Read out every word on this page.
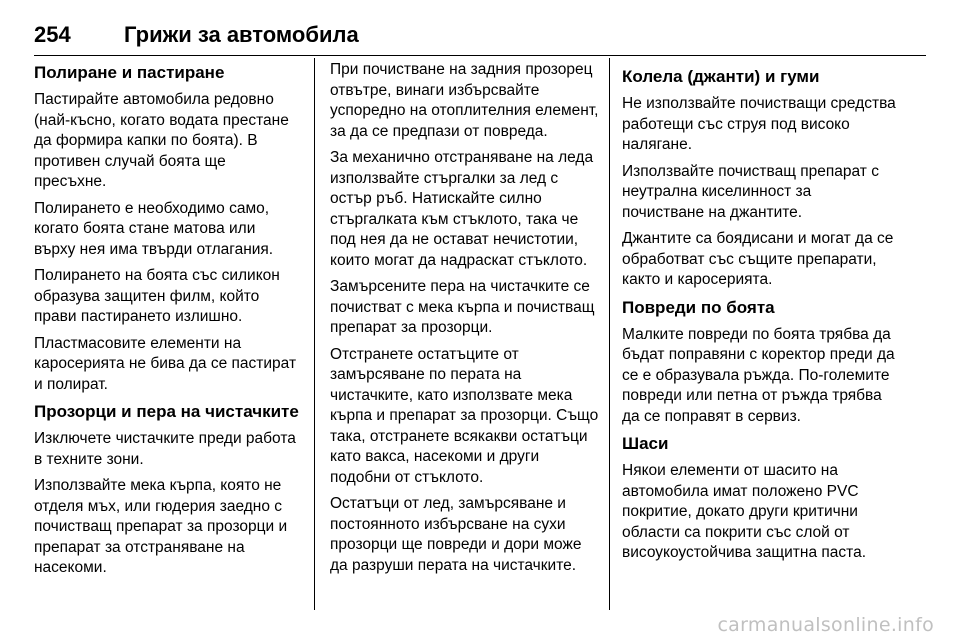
254	Грижи за автомобила
Полиране и пастиране

Пастирайте автомобила редовно (най-късно, когато водата престане да формира капки по боята). В противен случай боята ще пресъхне.

Полирането е необходимо само, когато боята стане матова или върху нея има твърди отлагания.

Полирането на боята със силикон образува защитен филм, който прави пастирането излишно.

Пластмасовите елементи на каросерията не бива да се пастират и полират.

Прозорци и пера на чистачките

Изключете чистачките преди работа в техните зони.

Използвайте мека кърпа, която не отделя мъх, или гюдерия заедно с почистващ препарат за прозорци и препарат за отстраняване на насекоми.

При почистване на задния прозорец отвътре, винаги избърсвайте успоредно на отоплителния елемент, за да се предпази от повреда.

За механично отстраняване на леда използвайте стъргалки за лед с остър ръб. Натискайте силно стъргалката към стъклото, така че под нея да не остават нечистотии, които могат да надраскат стъклото.

Замърсените пера на чистачките се почистват с мека кърпа и почистващ препарат за прозорци.

Отстранете остатъците от замърсяване по перата на чистачките, като използвате мека кърпа и препарат за прозорци. Също така, отстранете всякакви остатъци като вакса, насекоми и други подобни от стъклото.

Остатъци от лед, замърсяване и постоянното избърсване на сухи прозорци ще повреди и дори може да разруши перата на чистачките.

Колела (джанти) и гуми

Не използвайте почистващи средства работещи със струя под високо налягане.

Използвайте почистващ препарат с неутрална киселинност за почистване на джантите.

Джантите са боядисани и могат да се обработват със същите препарати, както и каросерията.

Повреди по боята

Малките повреди по боята трябва да бъдат поправяни с коректор преди да се е образувала ръжда. По-големите повреди или петна от ръжда трябва да се поправят в сервиз.

Шаси

Някои елементи от шасито на автомобила имат положено PVC покритие, докато други критични области са покрити със слой от висоукоустойчива защитна паста.

carmanualsonline.info
